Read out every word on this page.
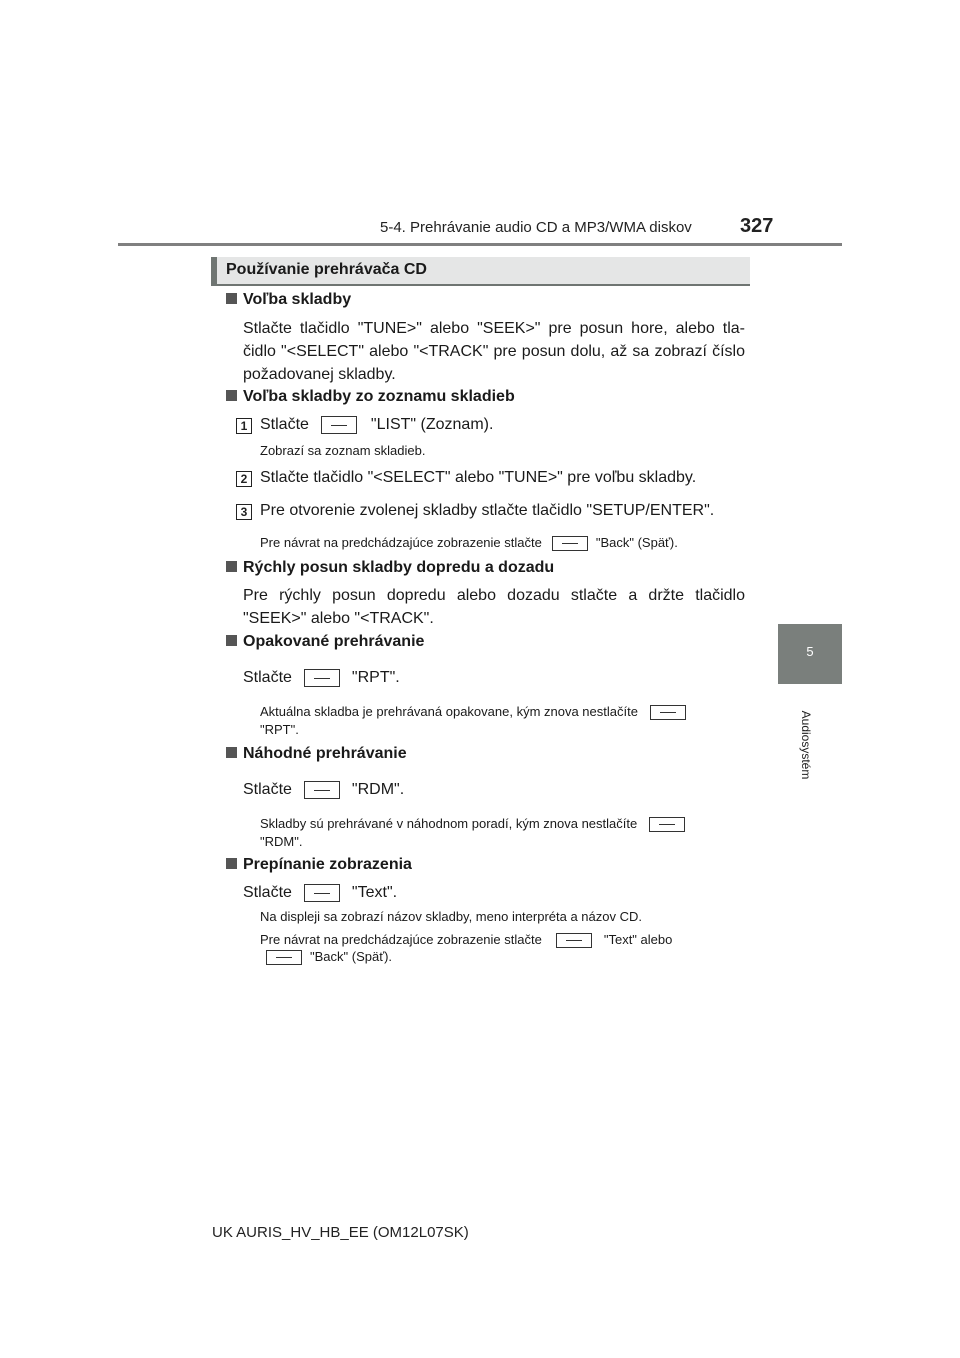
5-4. Prehrávanie audio CD a MP3/WMA diskov 327
5
Audiosystém
Používanie prehrávača CD
Voľba skladby
Stlačte tlačidlo "TUNE>" alebo "SEEK>" pre posun hore, alebo tla-čidlo "<SELECT" alebo "<TRACK" pre posun dolu, až sa zobrazí číslo požadovanej skladby.
Voľba skladby zo zoznamu skladieb
1 Stlačte	"LIST" (Zoznam).
Zobrazí sa zoznam skladieb.
2 Stlačte tlačidlo "<SELECT" alebo "TUNE>" pre voľbu skladby.
3 Pre otvorenie zvolenej skladby stlačte tlačidlo "SETUP/ENTER".
Pre návrat na predchádzajúce zobrazenie stlačte	"Back" (Späť).
Rýchly posun skladby dopredu a dozadu
Pre rýchly posun dopredu alebo dozadu stlačte a držte tlačidlo "SEEK>" alebo "<TRACK".
Opakované prehrávanie
Stlačte	"RPT".
Aktuálna skladba je prehrávaná opakovane, kým znova nestlačíte
"RPT".
Náhodné prehrávanie
Stlačte	"RDM".
Skladby sú prehrávané v náhodnom poradí, kým znova nestlačíte
"RDM".
Prepínanie zobrazenia
Stlačte	"Text".
Na displeji sa zobrazí názov skladby, meno interpréta a názov CD.
Pre návrat na predchádzajúce zobrazenie stlačte	"Text" alebo
"Back" (Späť).
UK AURIS_HV_HB_EE (OM12L07SK)
